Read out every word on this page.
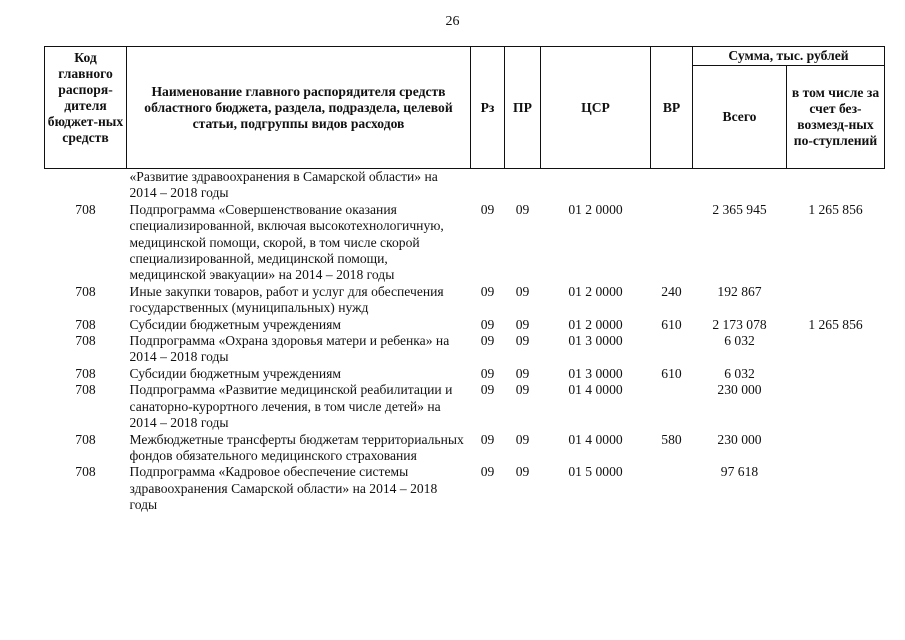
26
Код главного распоря-дителя бюджет-ных средств	Наименование главного распорядителя средств областного бюджета, раздела, подраздела, целевой статьи, подгруппы видов расходов	Рз	ПР	ЦСР	ВР	Сумма, тыс. рублей	
						Всего	в том числе за счет без-возмезд-ных по-ступлений
	«Развитие здравоохранения в Самарской области» на 2014 – 2018 годы						
708	Подпрограмма «Совершенствование оказания специализированной, включая высокотехнологичную, медицинской помощи, скорой, в том числе скорой специализированной, медицинской помощи, медицинской эвакуации» на 2014 – 2018 годы	09	09	01 2 0000		2 365 945	1 265 856
708	Иные закупки товаров, работ и услуг для обеспечения государственных (муниципальных) нужд	09	09	01 2 0000	240	192 867	
708	Субсидии бюджетным учреждениям	09	09	01 2 0000	610	2 173 078	1 265 856
708	Подпрограмма «Охрана здоровья матери и ребенка» на 2014 – 2018 годы	09	09	01 3 0000		6 032	
708	Субсидии бюджетным учреждениям	09	09	01 3 0000	610	6 032	
708	Подпрограмма «Развитие медицинской реабилитации и санаторно-курортного лечения, в том числе детей» на 2014 – 2018 годы	09	09	01 4 0000		230 000	
708	Межбюджетные трансферты бюджетам территориальных фондов обязательного медицинского страхования	09	09	01 4 0000	580	230 000	
708	Подпрограмма «Кадровое обеспечение системы здравоохранения Самарской области» на 2014 – 2018 годы	09	09	01 5 0000		97 618	
